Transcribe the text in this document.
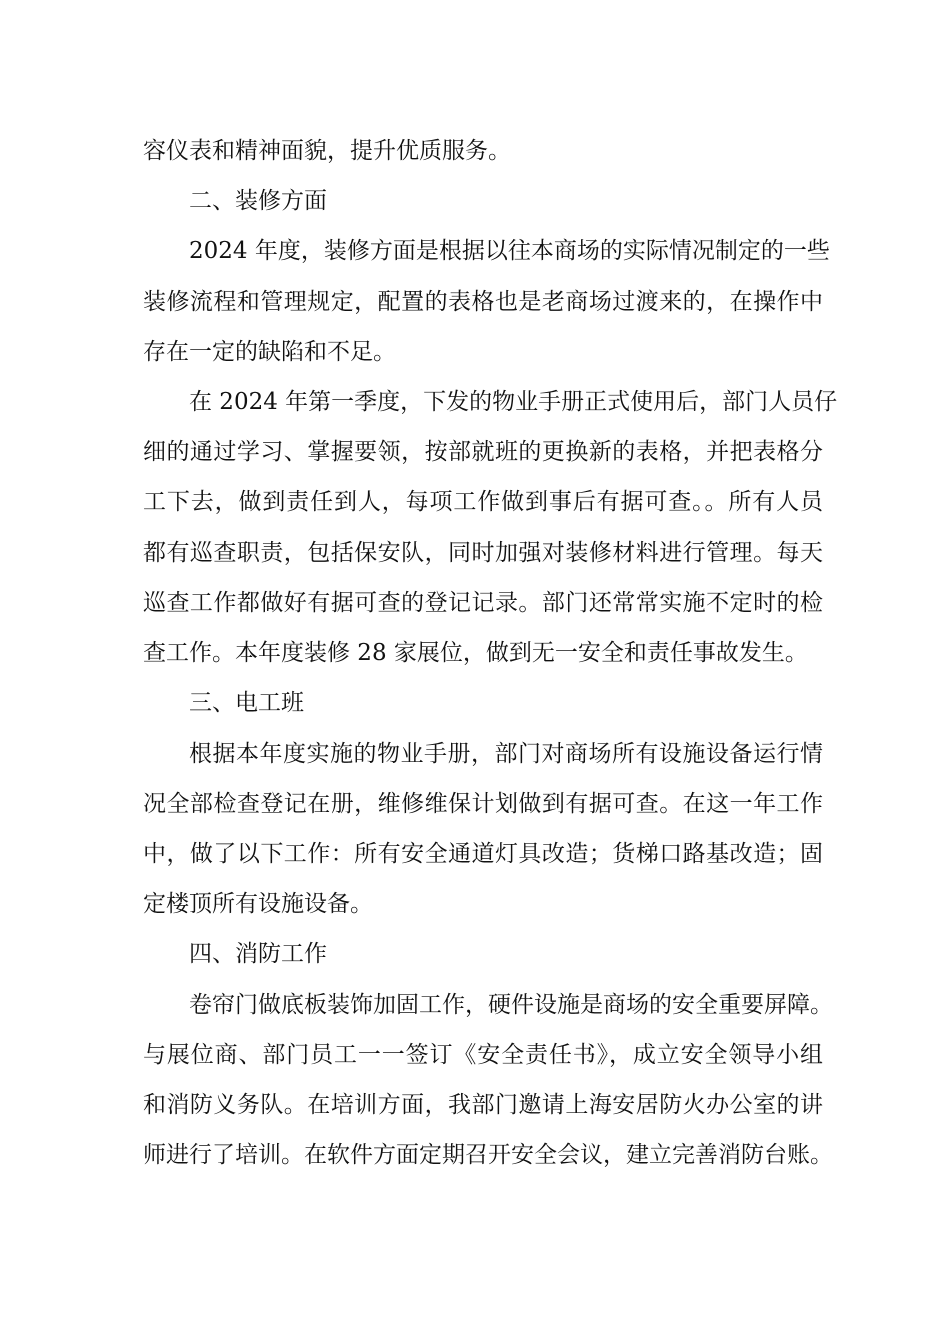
容仪表和精神面貌，提升优质服务。
二、装修方面
2024 年度，装修方面是根据以往本商场的实际情况制定的一些
装修流程和管理规定，配置的表格也是老商场过渡来的，在操作中
存在一定的缺陷和不足。
在 2024 年第一季度，下发的物业手册正式使用后，部门人员仔
细的通过学习、掌握要领，按部就班的更换新的表格，并把表格分
工下去，做到责任到人，每项工作做到事后有据可查。。所有人员
都有巡查职责，包括保安队，同时加强对装修材料进行管理。每天
巡查工作都做好有据可查的登记记录。部门还常常实施不定时的检
查工作。本年度装修 28 家展位，做到无一安全和责任事故发生。
三、电工班
根据本年度实施的物业手册，部门对商场所有设施设备运行情
况全部检查登记在册，维修维保计划做到有据可查。在这一年工作
中，做了以下工作：所有安全通道灯具改造；货梯口路基改造；固
定楼顶所有设施设备。
四、消防工作
卷帘门做底板装饰加固工作，硬件设施是商场的安全重要屏障。
与展位商、部门员工一一签订《安全责任书》，成立安全领导小组
和消防义务队。在培训方面，我部门邀请上海安居防火办公室的讲
师进行了培训。在软件方面定期召开安全会议，建立完善消防台账。
